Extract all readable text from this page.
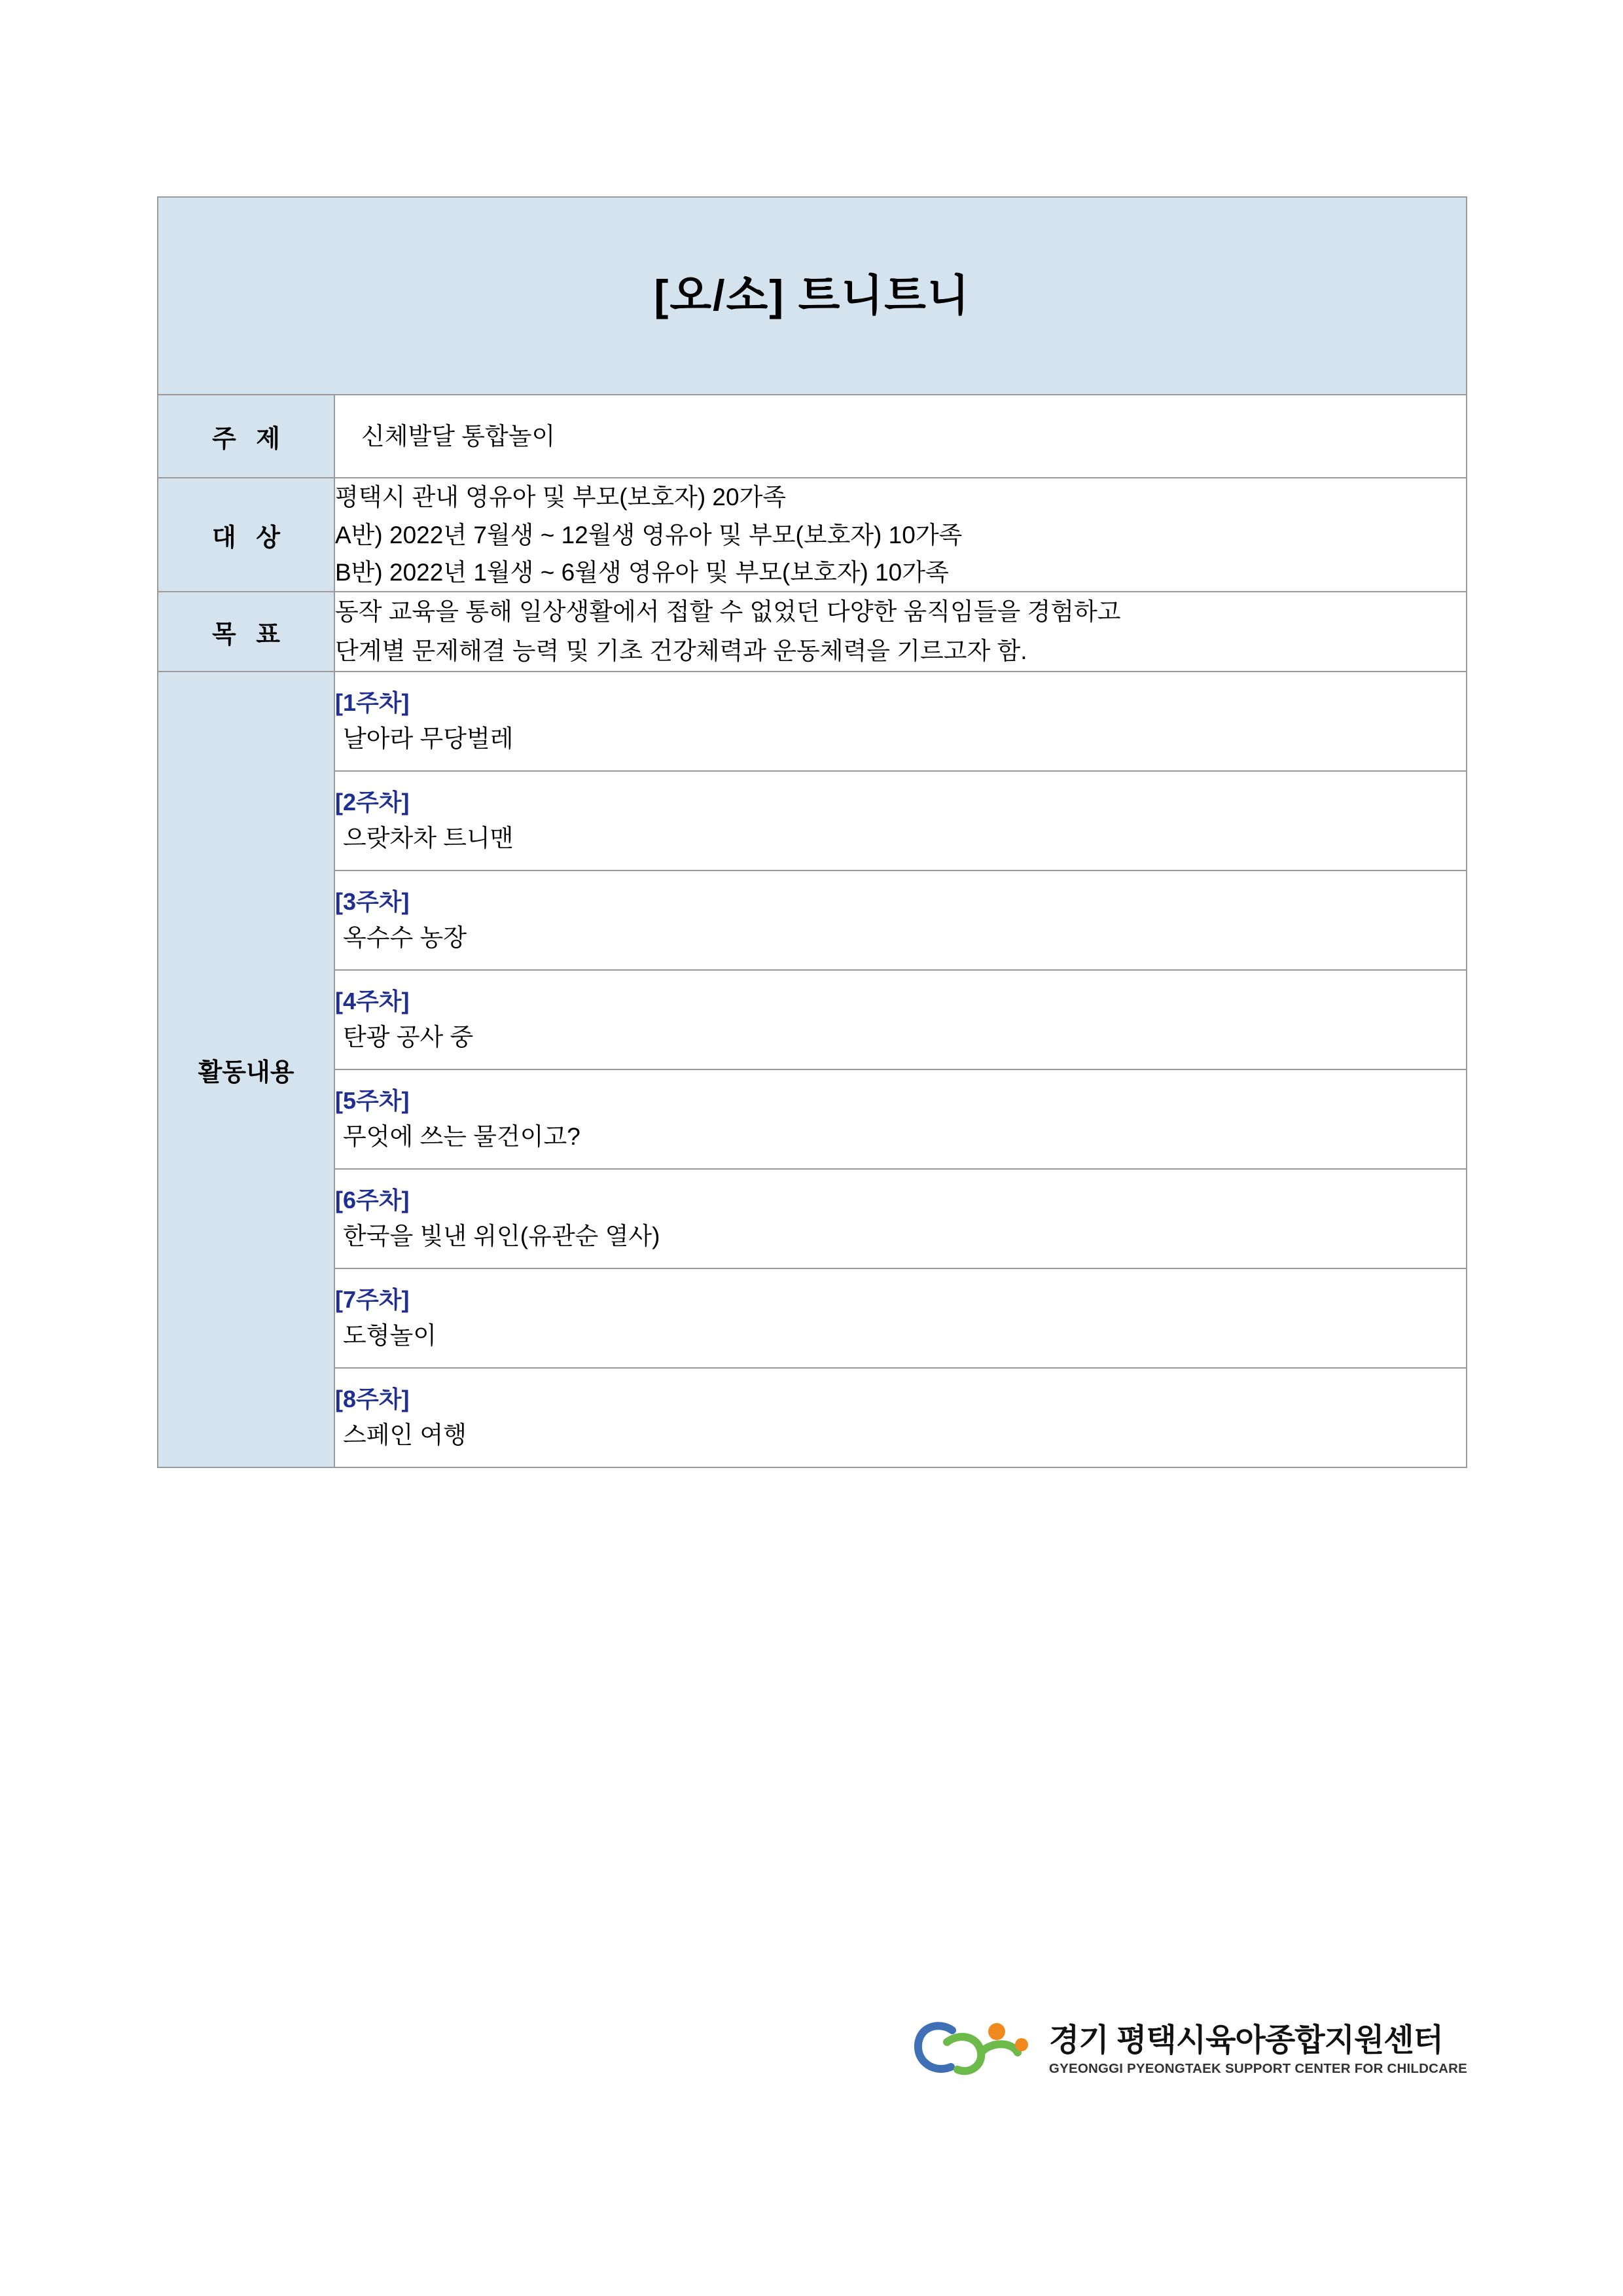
[오/소] 트니트니	

주 제	신체발달 통합놀이
대 상	평택시 관내 영유아 및 부모(보호자) 20가족
A반) 2022년 7월생 ~ 12월생 영유아 및 부모(보호자) 10가족
B반) 2022년 1월생 ~ 6월생 영유아 및 부모(보호자) 10가족

목 표	동작 교육을 통해 일상생활에서 접할 수 없었던 다양한 움직임들을 경험하고
단계별 문제해결 능력 및 기초 건강체력과 운동체력을 기르고자 함.

활동내용	[1주차]
날아라 무당벌레

	[2주차]
으랏차차 트니맨

	[3주차]
옥수수 농장

	[4주차]
탄광 공사 중

	[5주차]
무엇에 쓰는 물건이고?

	[6주차]
한국을 빛낸 위인(유관순 열사)

	[7주차]
도형놀이

	[8주차]
스페인 여행
경기 평택시육아종합지원센터
GYEONGGI PYEONGTAEK SUPPORT CENTER FOR CHILDCARE
